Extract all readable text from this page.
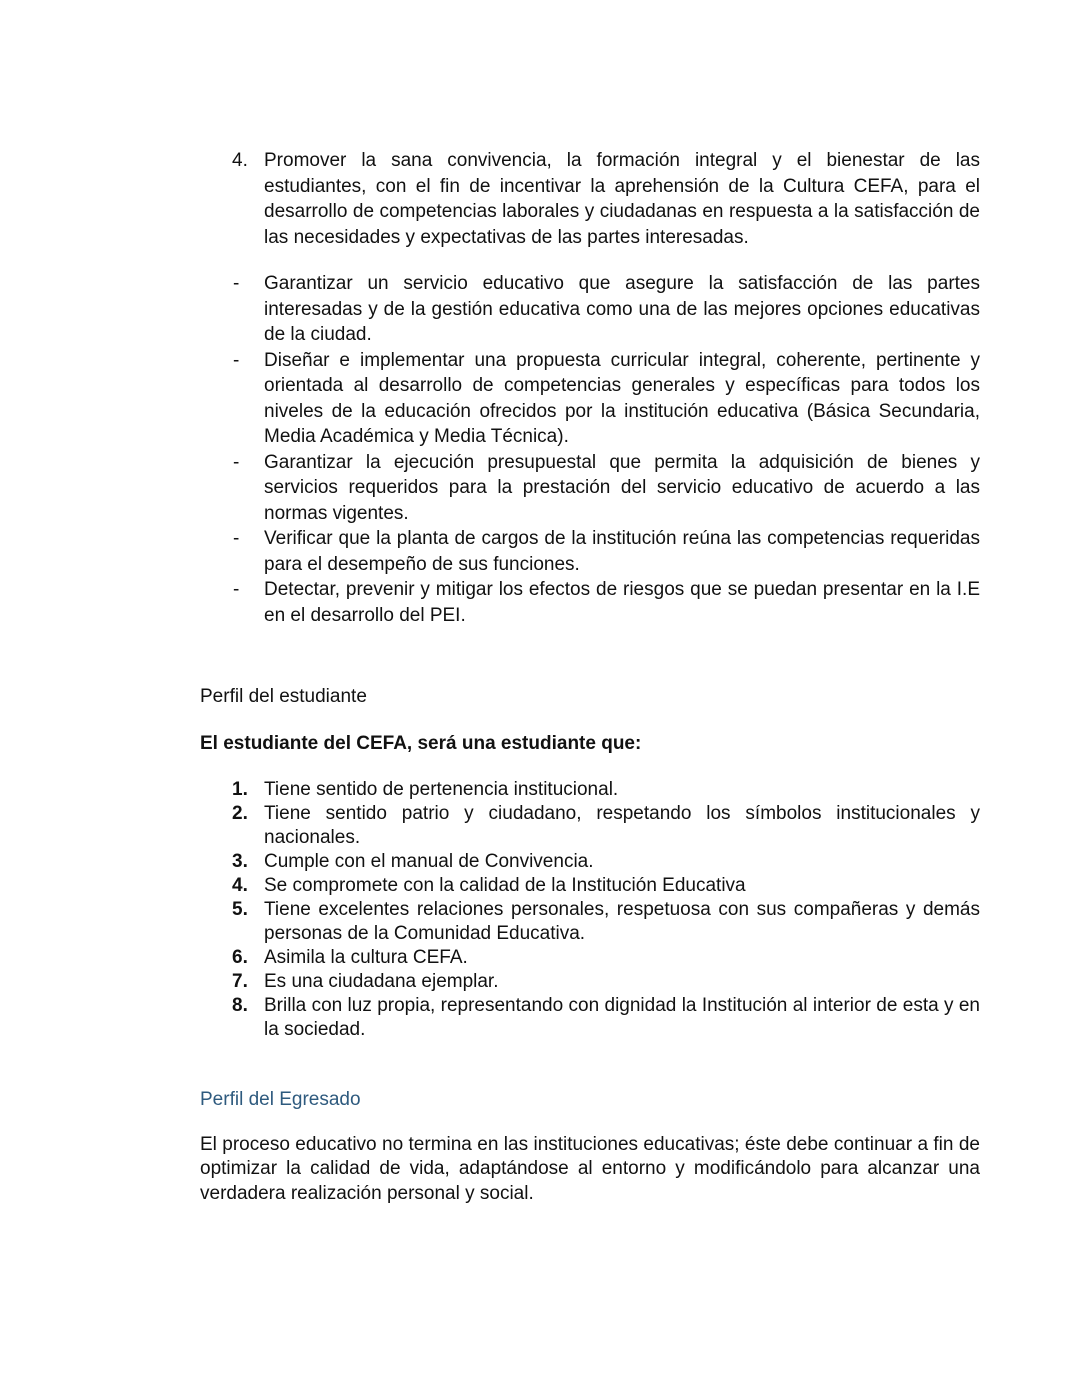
4. Promover la sana convivencia, la formación integral y el bienestar de las estudiantes, con el fin de incentivar la aprehensión de la Cultura CEFA, para el desarrollo de competencias laborales y ciudadanas en respuesta a la satisfacción de las necesidades y expectativas de las partes interesadas.
- Garantizar un servicio educativo que asegure la satisfacción de las partes interesadas y de la gestión educativa como una de las mejores opciones educativas de la ciudad.
- Diseñar e implementar una propuesta curricular integral, coherente, pertinente y orientada al desarrollo de competencias generales y específicas para todos los niveles de la educación ofrecidos por la institución educativa (Básica Secundaria, Media Académica y Media Técnica).
- Garantizar la ejecución presupuestal que permita la adquisición de bienes y servicios requeridos para la prestación del servicio educativo de acuerdo a las normas vigentes.
- Verificar que la planta de cargos de la institución reúna las competencias requeridas para el desempeño de sus funciones.
- Detectar, prevenir y mitigar los efectos de riesgos que se puedan presentar en la I.E en el desarrollo del PEI.
Perfil del estudiante
El estudiante del CEFA, será una estudiante que:
1. Tiene sentido de pertenencia institucional.
2. Tiene sentido patrio y ciudadano, respetando los símbolos institucionales y nacionales.
3. Cumple con el manual de Convivencia.
4. Se compromete con la calidad de la Institución Educativa
5. Tiene excelentes relaciones personales, respetuosa con sus compañeras y demás personas de la Comunidad Educativa.
6. Asimila la cultura CEFA.
7. Es una ciudadana ejemplar.
8. Brilla con luz propia, representando con dignidad la Institución al interior de esta y en la sociedad.
Perfil del Egresado
El proceso educativo no termina en las instituciones educativas; éste debe continuar a fin de optimizar la calidad de vida, adaptándose al entorno y modificándolo para alcanzar una verdadera realización personal y social.
